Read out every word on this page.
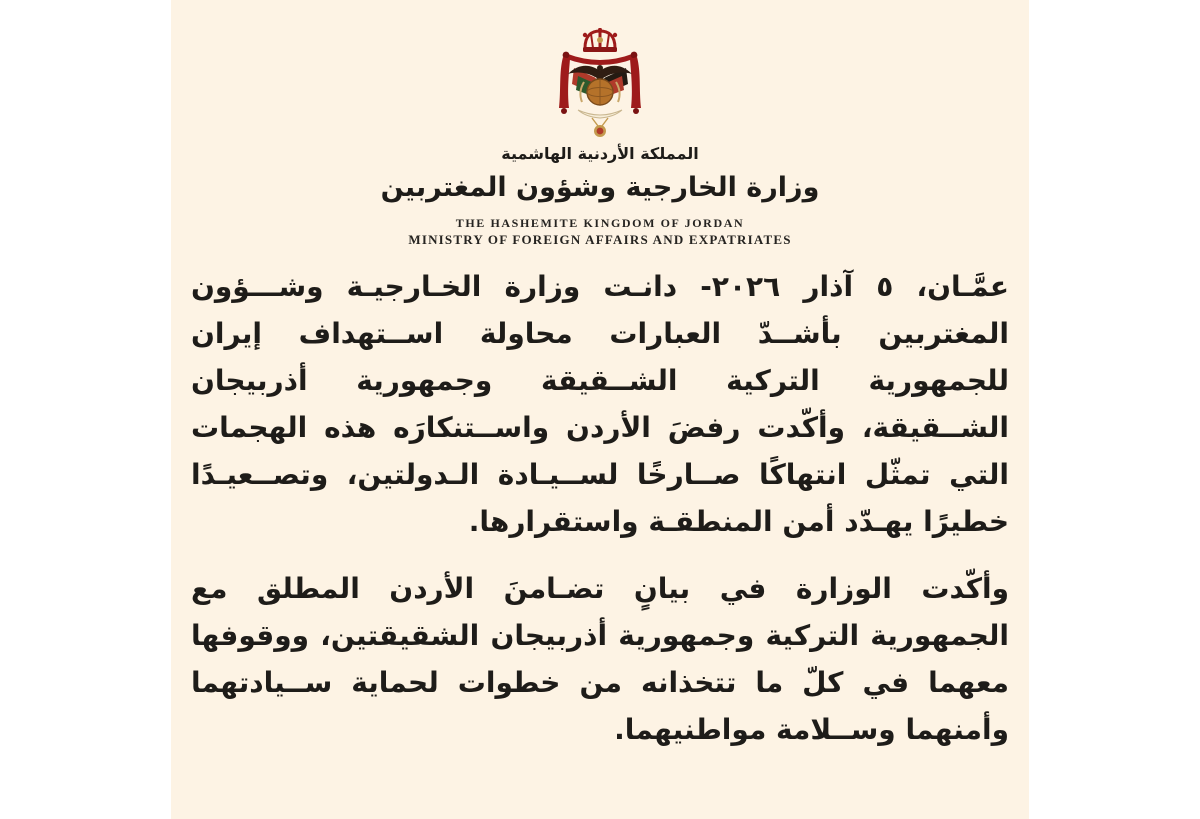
المملكة الأردنية الهاشمية
وزارة الخارجية وشؤون المغتربين
THE HASHEMITE KINGDOM OF JORDAN
MINISTRY OF FOREIGN AFFAIRS AND EXPATRIATES

عمَّـان، ٥ آذار ٢٠٢٦- دانـت وزارة الخـارجيـة وشـــؤون المغتربين بأشــدّ العبارات محاولة اســتهداف إيران للجمهورية التركية الشــقيقة وجمهورية أذربيجان الشــقيقة، وأكّدت رفضَ الأردن واســتنكارَه هذه الهجمات التي تمثّل انتهاكًا صــارخًا لســيـادة الـدولتين، وتصــعيـدًا خطيرًا يهـدّد أمن المنطقـة واستقرارها.

وأكّدت الوزارة في بيانٍ تضـامنَ الأردن المطلق مع الجمهورية التركية وجمهورية أذربيجان الشقيقتين، ووقوفها معهما في كلّ ما تتخذانه من خطوات لحماية ســيادتهما وأمنهما وســلامة مواطنيهما.
